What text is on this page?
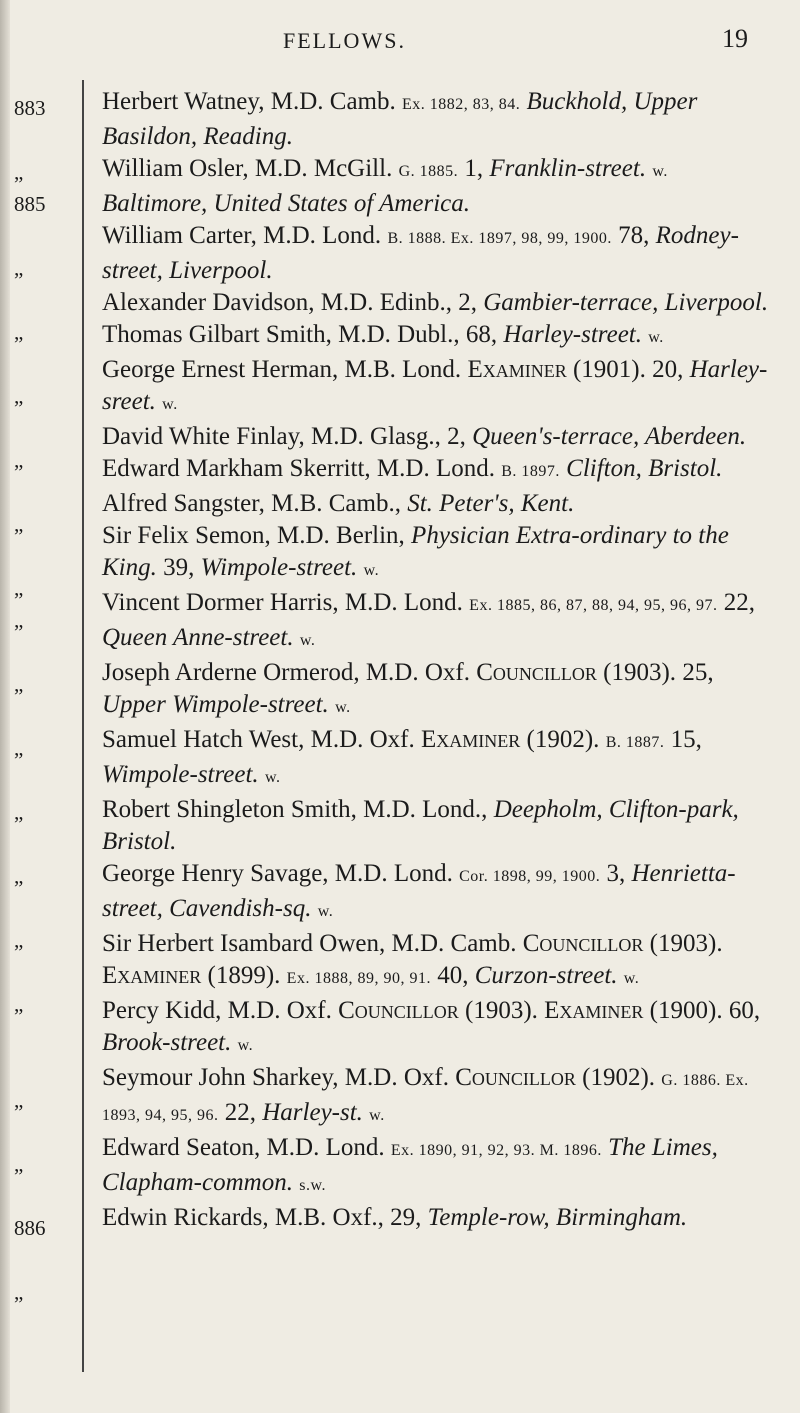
FELLOWS.	19
883
„
885
„
„
„
„
„
„
„
„
„
„
„
„
„
„
„
886
„
Herbert Watney, M.D. Camb. Ex. 1882, 83, 84. Buckhold, Upper Basildon, Reading.
William Osler, M.D. McGill. G. 1885. 1, Franklin-street. w. Baltimore, United States of America.
William Carter, M.D. Lond. B. 1888. Ex. 1897, 98, 99, 1900. 78, Rodney-street, Liverpool.
Alexander Davidson, M.D. Edinb., 2, Gambier-terrace, Liverpool.
Thomas Gilbart Smith, M.D. Dubl., 68, Harley-street. w.
George Ernest Herman, M.B. Lond. Examiner (1901). 20, Harley-sreet. w.
David White Finlay, M.D. Glasg., 2, Queen's-terrace, Aberdeen.
Edward Markham Skerritt, M.D. Lond. B. 1897. Clifton, Bristol.
Alfred Sangster, M.B. Camb., St. Peter's, Kent.
Sir Felix Semon, M.D. Berlin, Physician Extra-ordinary to the King. 39, Wimpole-street. w.
Vincent Dormer Harris, M.D. Lond. Ex. 1885, 86, 87, 88, 94, 95, 96, 97. 22, Queen Anne-street. w.
Joseph Arderne Ormerod, M.D. Oxf. Councillor (1903). 25, Upper Wimpole-street. w.
Samuel Hatch West, M.D. Oxf. Examiner (1902). B. 1887. 15, Wimpole-street. w.
Robert Shingleton Smith, M.D. Lond., Deepholm, Clifton-park, Bristol.
George Henry Savage, M.D. Lond. Cor. 1898, 99, 1900. 3, Henrietta-street, Cavendish-sq. w.
Sir Herbert Isambard Owen, M.D. Camb. Councillor (1903). Examiner (1899). Ex. 1888, 89, 90, 91. 40, Curzon-street. w.
Percy Kidd, M.D. Oxf. Councillor (1903). Examiner (1900). 60, Brook-street. w.
Seymour John Sharkey, M.D. Oxf. Councillor (1902). G. 1886. Ex. 1893, 94, 95, 96. 22, Harley-st. w.
Edward Seaton, M.D. Lond. Ex. 1890, 91, 92, 93. M. 1896. The Limes, Clapham-common. s.w.
Edwin Rickards, M.B. Oxf., 29, Temple-row, Birmingham.
